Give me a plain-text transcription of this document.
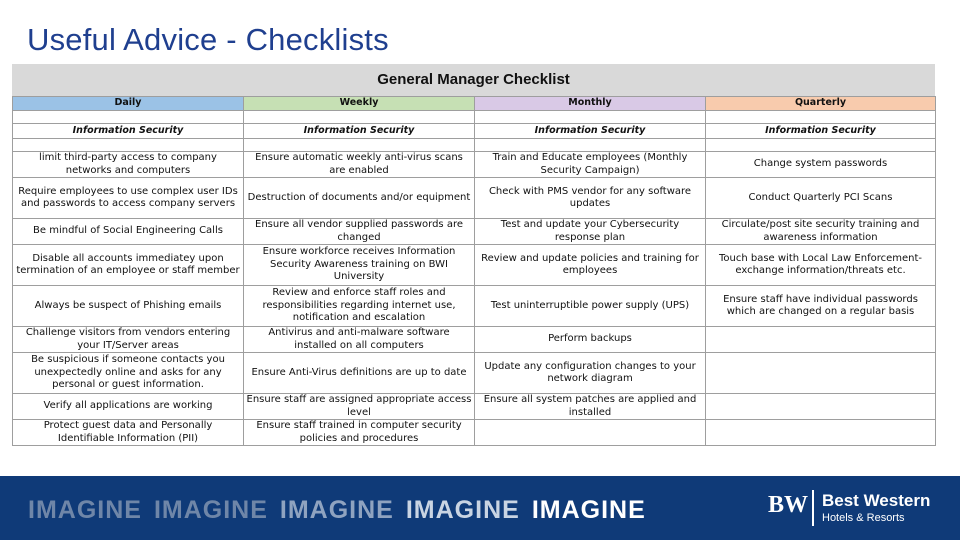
Useful Advice - Checklists
General Manager Checklist
Daily	Weekly	Monthly	Quarterly

Information Security	Information Security	Information Security	Information Security

limit third-party access to company networks and computers	Ensure automatic weekly anti-virus scans are enabled	Train and Educate employees (Monthly Security Campaign)	Change system passwords
Require employees to use complex user IDs and passwords to access company servers	Destruction of documents and/or equipment	Check with PMS vendor for any software updates	Conduct Quarterly PCI Scans
Be mindful of Social Engineering Calls	Ensure all vendor supplied passwords are changed	Test and update your Cybersecurity response plan	Circulate/post site security training and awareness information
Disable all accounts immediatey upon termination of an employee or staff member	Ensure workforce receives Information Security Awareness training on BWI University	Review and update policies and training for employees	Touch base with Local Law Enforcement- exchange information/threats etc.
Always be suspect of Phishing emails	Review and enforce staff roles and responsibilities regarding internet use, notification and escalation	Test uninterruptible power supply (UPS)	Ensure staff have individual passwords which are changed on a regular basis
Challenge visitors from vendors entering your IT/Server areas	Antivirus and anti-malware software installed on all computers	Perform backups	
Be suspicious if someone contacts you unexpectedly online and asks for any personal or guest information.	Ensure Anti-Virus definitions are up to date	Update any configuration changes to your network diagram	
Verify all applications are working	Ensure staff are assigned appropriate access level	Ensure all system patches are applied and installed	
Protect guest data and Personally Identifiable Information (PII)	Ensure staff trained in computer security policies and procedures		
IMAGINE IMAGINE IMAGINE IMAGINE IMAGINE	BW Best Western
Hotels & Resorts
